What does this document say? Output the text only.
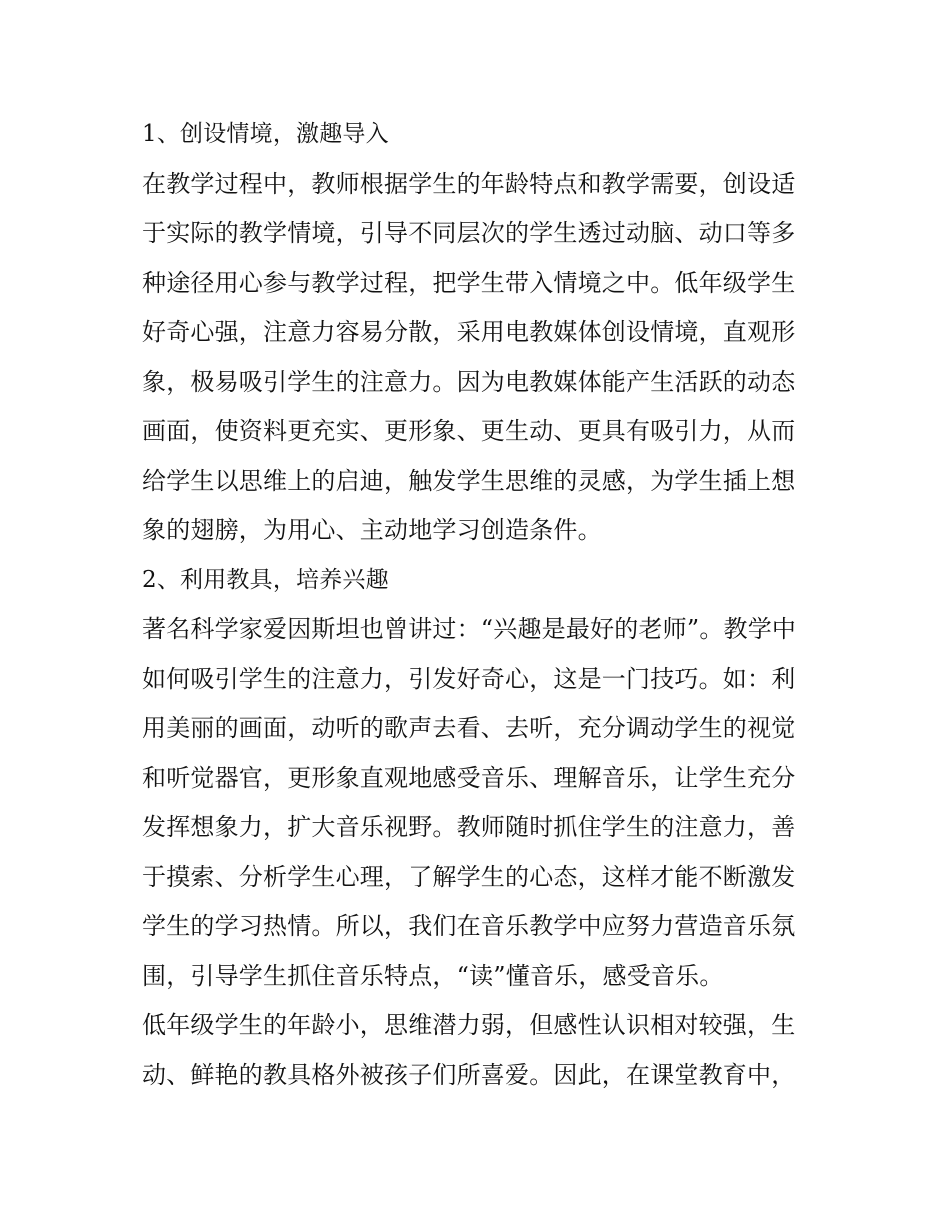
1、创设情境，激趣导入
在教学过程中，教师根据学生的年龄特点和教学需要，创设适
于实际的教学情境，引导不同层次的学生透过动脑、动口等多
种途径用心参与教学过程，把学生带入情境之中。低年级学生
好奇心强，注意力容易分散，采用电教媒体创设情境，直观形
象，极易吸引学生的注意力。因为电教媒体能产生活跃的动态
画面，使资料更充实、更形象、更生动、更具有吸引力，从而
给学生以思维上的启迪，触发学生思维的灵感，为学生插上想
象的翅膀，为用心、主动地学习创造条件。
2、利用教具，培养兴趣
著名科学家爱因斯坦也曾讲过：“兴趣是最好的老师”。教学中
如何吸引学生的注意力，引发好奇心，这是一门技巧。如：利
用美丽的画面，动听的歌声去看、去听，充分调动学生的视觉
和听觉器官，更形象直观地感受音乐、理解音乐，让学生充分
发挥想象力，扩大音乐视野。教师随时抓住学生的注意力，善
于摸索、分析学生心理，了解学生的心态，这样才能不断激发
学生的学习热情。所以，我们在音乐教学中应努力营造音乐氛
围，引导学生抓住音乐特点，“读”懂音乐，感受音乐。
低年级学生的年龄小，思维潜力弱，但感性认识相对较强，生
动、鲜艳的教具格外被孩子们所喜爱。因此，在课堂教育中，
